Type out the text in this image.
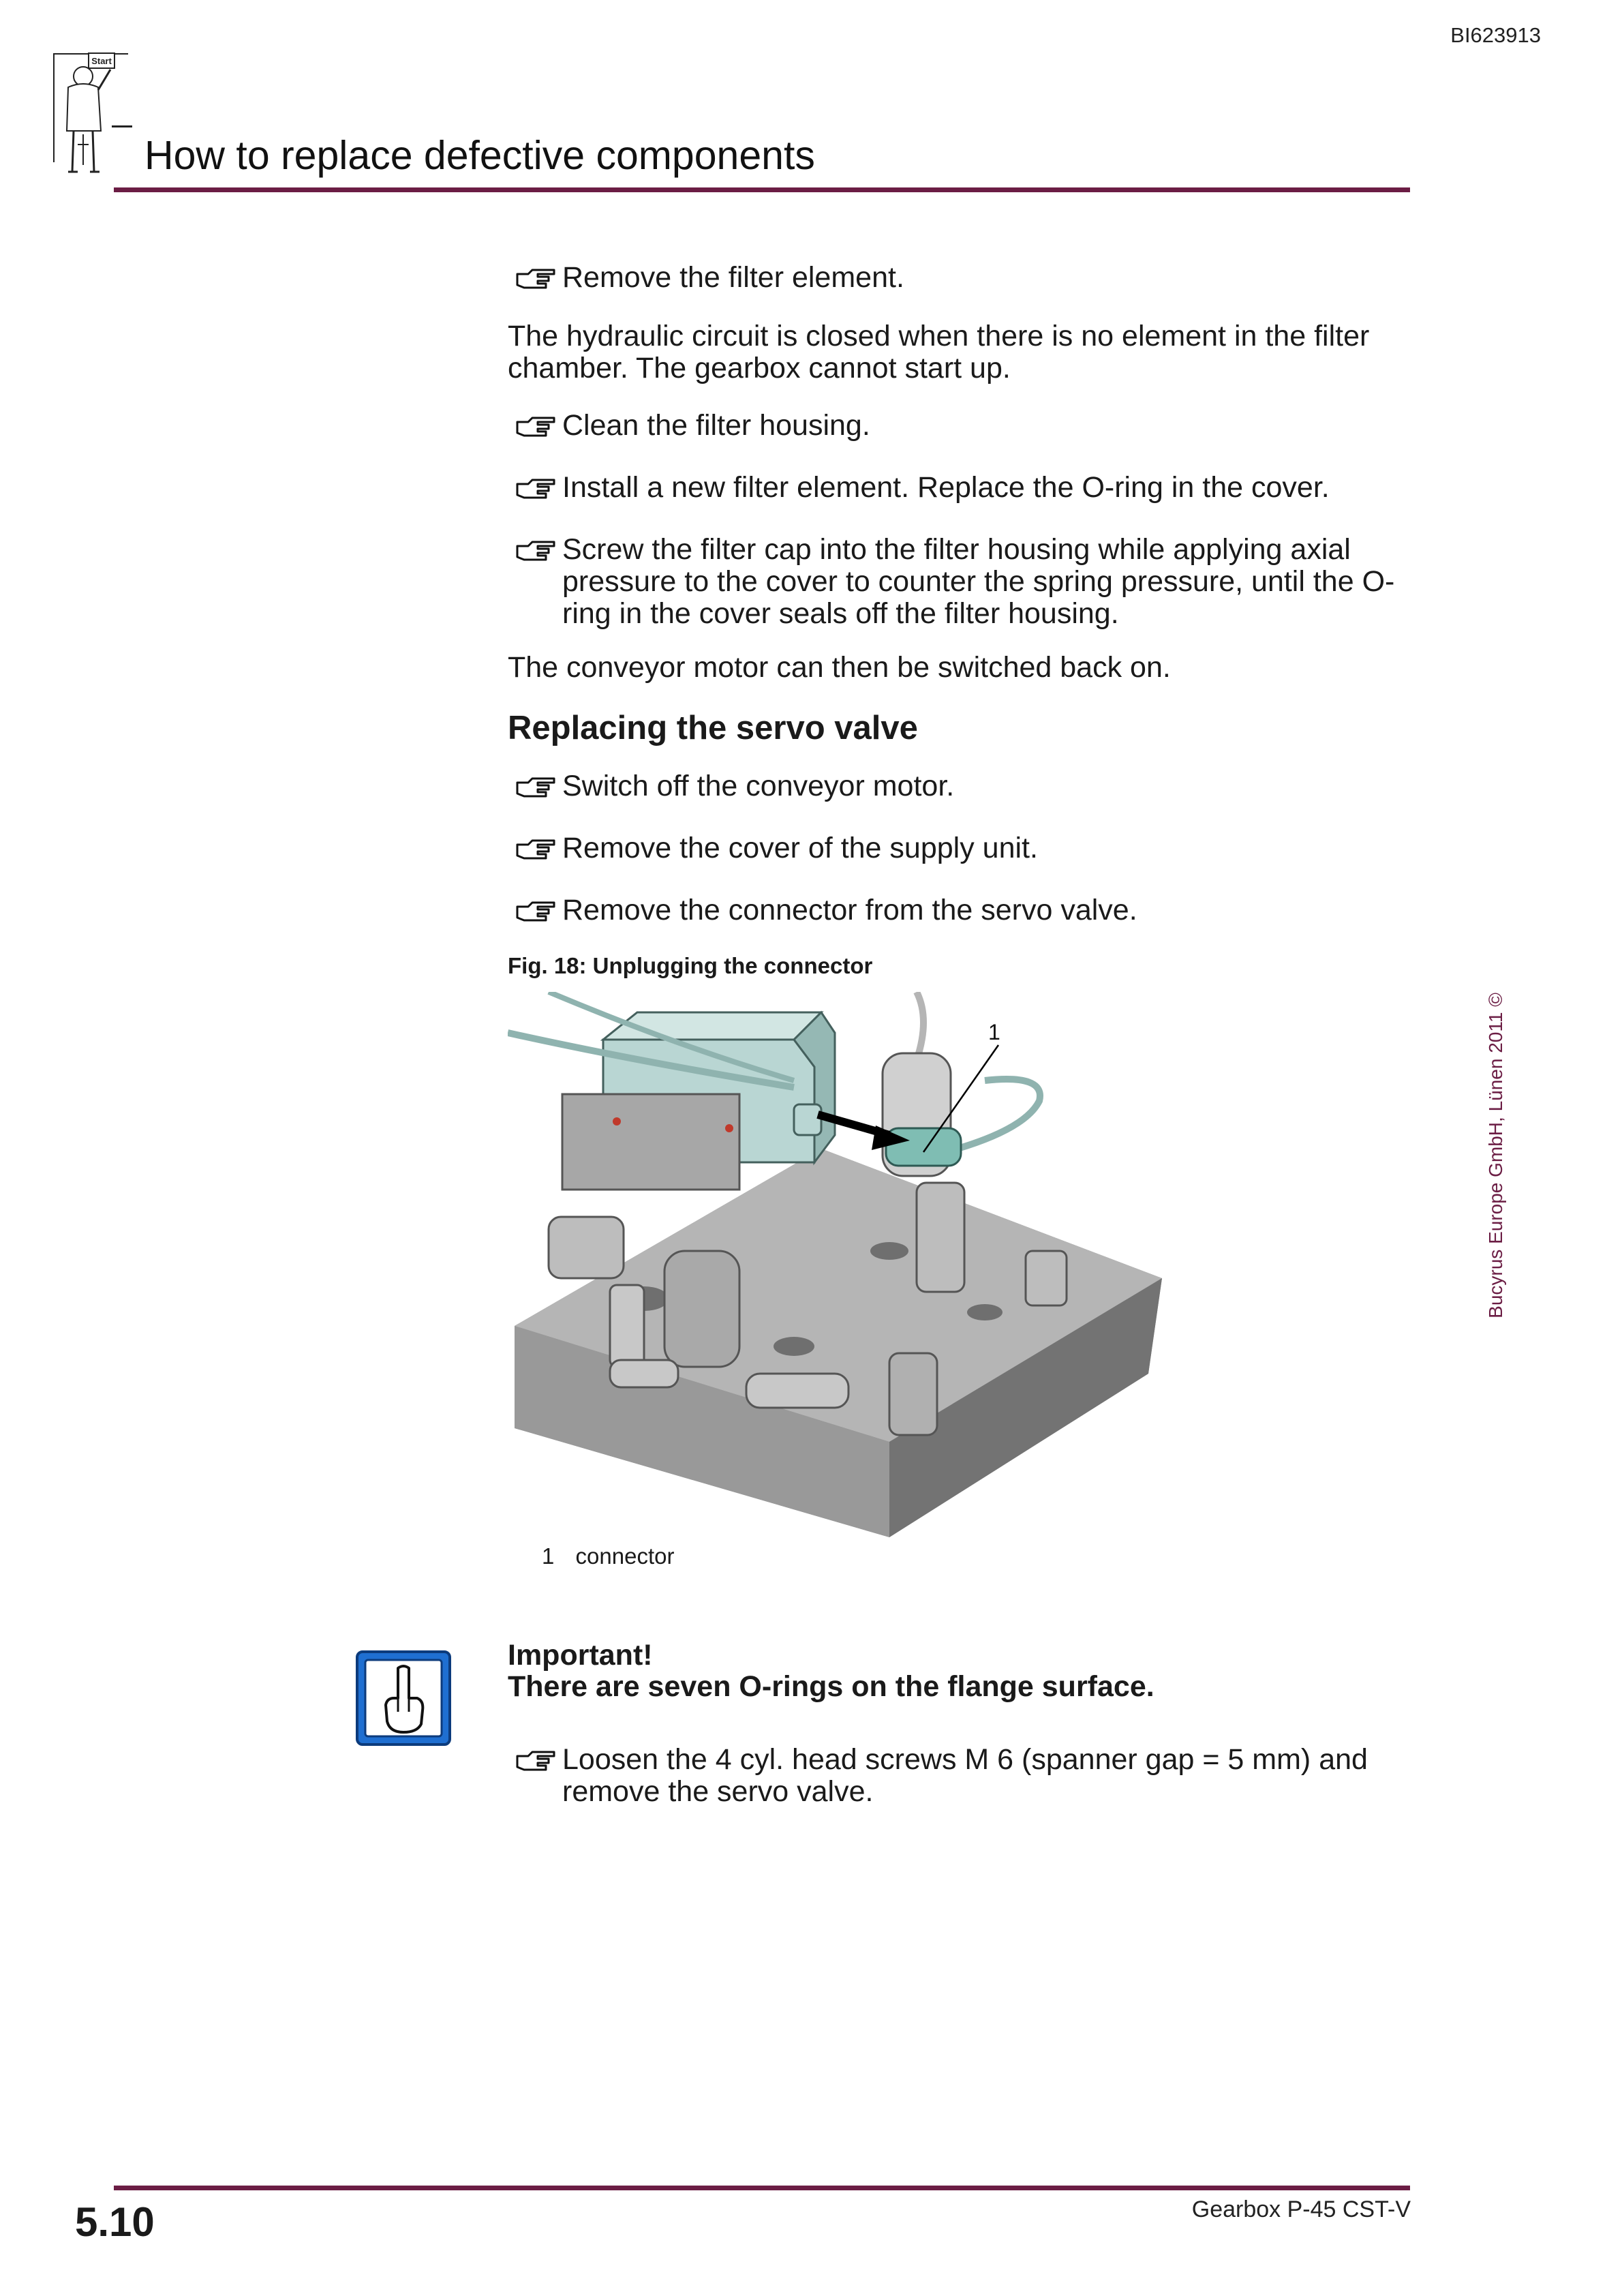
BI623913
Start
How to replace defective components
Remove the filter element.

The hydraulic circuit is closed when there is no element in the filter chamber. The gearbox cannot start up.

Clean the filter housing.
Install a new filter element. Replace the O-ring in the cover.
Screw the filter cap into the filter housing while applying axial pressure to the cover to counter the spring pressure, until the O-ring in the cover seals off the filter housing.

The conveyor motor can then be switched back on.

Replacing the servo valve
Switch off the conveyor motor.
Remove the cover of the supply unit.
Remove the connector from the servo valve.
Fig. 18: Unplugging the connector
1
1 connector
Important!
There are seven O-rings on the flange surface.
Loosen the 4 cyl. head screws M 6 (spanner gap = 5 mm) and remove the servo valve.
Bucyrus Europe GmbH, Lünen 2011 ©
5.10	Gearbox P-45 CST-V
